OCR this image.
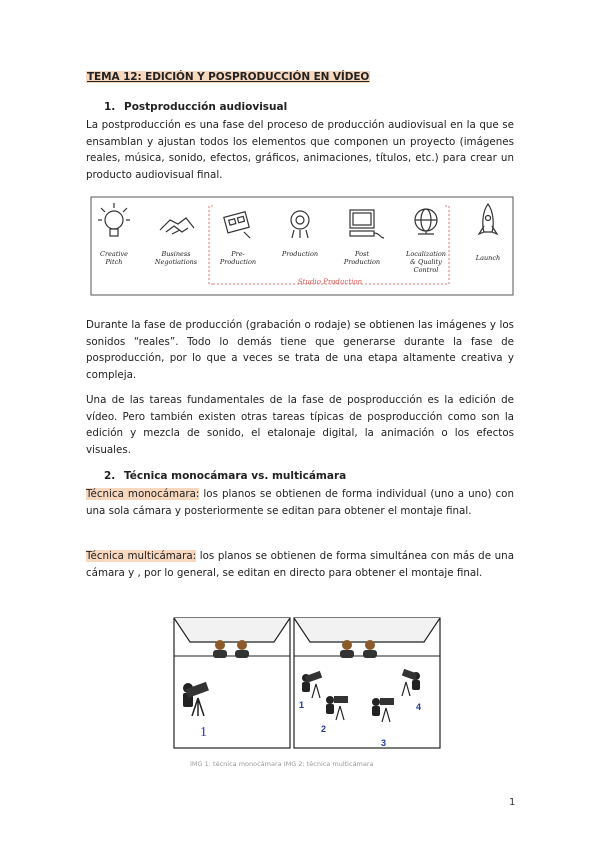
TEMA 12: EDICIÓN Y POSPRODUCCIÓN EN VÍDEO
1. Postproducción audiovisual

La postproducción es una fase del proceso de producción audiovisual en la que se ensamblan y ajustan todos los elementos que componen un proyecto (imágenes reales, música, sonido, efectos, gráficos, animaciones, títulos, etc.) para crear un producto audiovisual final.

Creative Pitch
Business Negotiations
Pre-Production
Production	Post Production
Localization & Quality Control
Launch
Studio Production

Durante la fase de producción (grabación o rodaje) se obtienen las imágenes y los sonidos “reales”. Todo lo demás tiene que generarse durante la fase de posproducción, por lo que a veces se trata de una etapa altamente creativa y compleja.

Una de las tareas fundamentales de la fase de posproducción es la edición de vídeo. Pero también existen otras tareas típicas de posproducción como son la edición y mezcla de sonido, el etalonaje digital, la animación o los efectos visuales.

2. Técnica monocámara vs. multicámara

Técnica monocámara: los planos se obtienen de forma individual (uno a uno) con una sola cámara y posteriormente se editan para obtener el montaje final.

Técnica multicámara: los planos se obtienen de forma simultánea con más de una cámara y , por lo general, se editan en directo para obtener el montaje final.

1
1
2
3
4
IMG 1: técnica monocámara IMG 2: técnica multicámara
1
